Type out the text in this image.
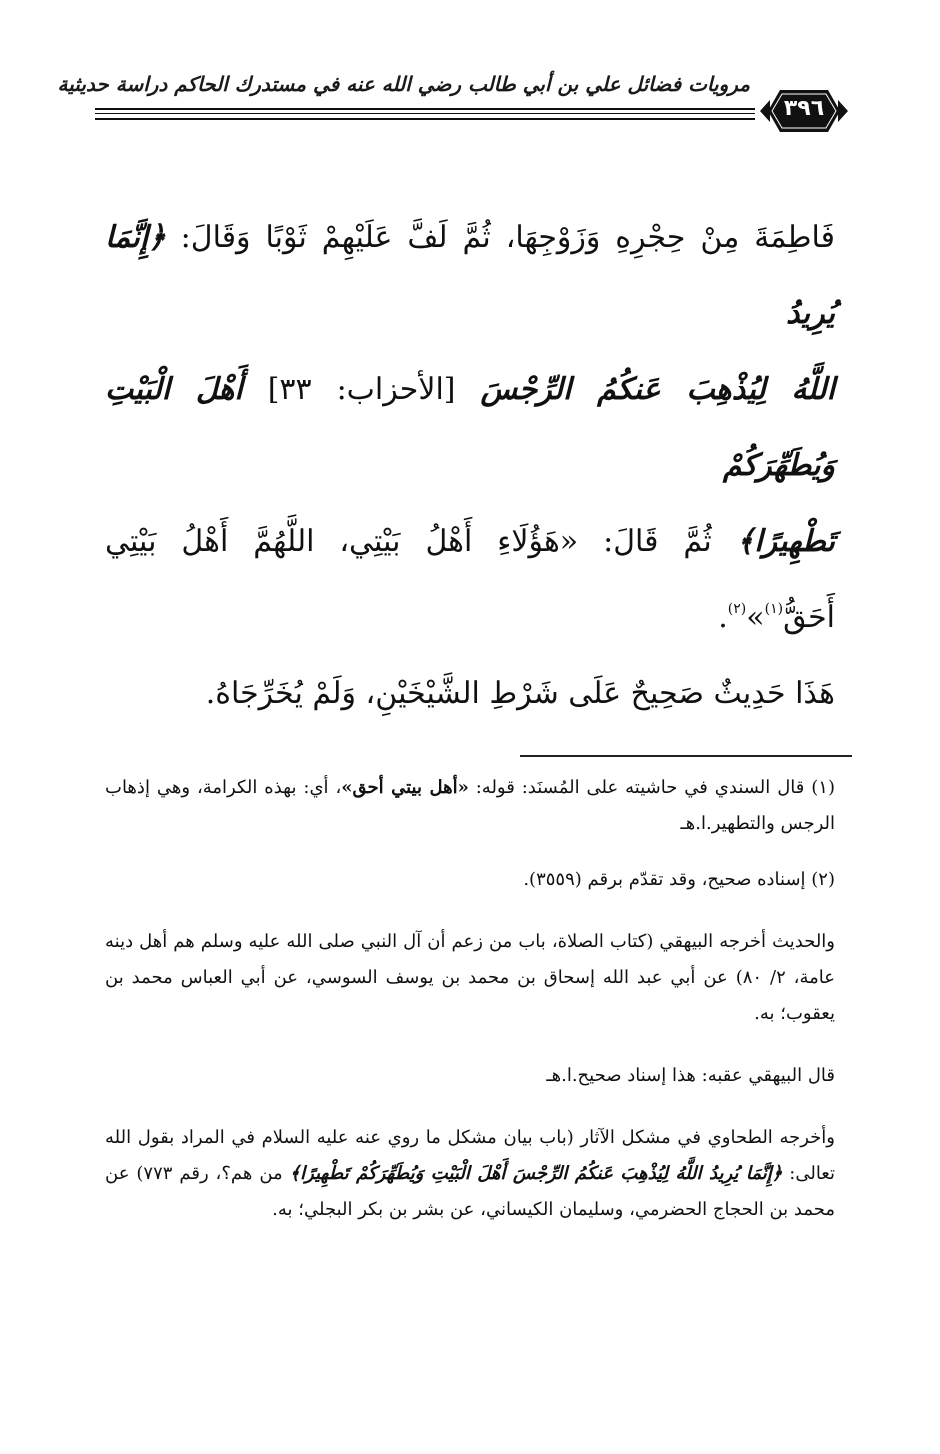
مرويات فضائل علي بن أبي طالب رضي الله عنه في مستدرك الحاكم دراسة حديثية
٣٩٦

فَاطِمَةَ مِنْ حِجْرِهِ وَزَوْجِهَا، ثُمَّ لَفَّ عَلَيْهِمْ ثَوْبًا وَقَالَ: ﴿إِنَّمَا يُرِيدُ

اللَّهُ لِيُذْهِبَ عَنكُمُ الرِّجْسَ [الأحزاب: ٣٣] أَهْلَ الْبَيْتِ وَيُطَهِّرَكُمْ

تَطْهِيرًا﴾ ثُمَّ قَالَ: «هَؤُلَاءِ أَهْلُ بَيْتِي، اللَّهُمَّ أَهْلُ بَيْتِي أَحَقُّ$^{(١)}$»$^{(٢)}$.

هَذَا حَدِيثٌ صَحِيحٌ عَلَى شَرْطِ الشَّيْخَيْنِ، وَلَمْ يُخَرِّجَاهُ.

(١) قال السندي في حاشيته على المُسنَد: قوله: «أهل بيتي أحق»، أي: بهذه الكرامة، وهي إذهاب الرجس والتطهير.ا.هـ

(٢) إسناده صحيح، وقد تقدّم برقم (٣٥٥٩).

والحديث أخرجه البيهقي (كتاب الصلاة، باب من زعم أن آل النبي صلى الله عليه وسلم هم أهل دينه عامة، ٢/ ٨٠) عن أبي عبد الله إسحاق بن محمد بن يوسف السوسي، عن أبي العباس محمد بن يعقوب؛ به.

قال البيهقي عقبه: هذا إسناد صحيح.ا.هـ

وأخرجه الطحاوي في مشكل الآثار (باب بيان مشكل ما روي عنه عليه السلام في المراد بقول الله تعالى: ﴿إِنَّمَا يُرِيدُ اللَّهُ لِيُذْهِبَ عَنكُمُ الرِّجْسَ أَهْلَ الْبَيْتِ وَيُطَهِّرَكُمْ تَطْهِيرًا﴾ من هم؟، رقم ٧٧٣) عن محمد بن الحجاج الحضرمي، وسليمان الكيساني، عن بشر بن بكر البجلي؛ به.
